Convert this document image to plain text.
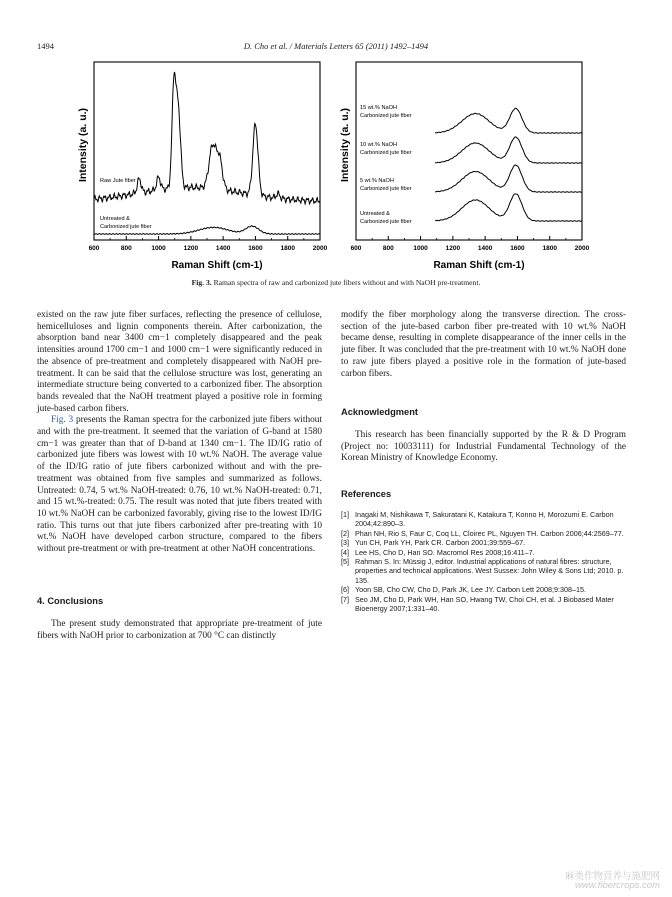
1494	D. Cho et al. / Materials Letters 65 (2011) 1492–1494
600	800	1000	1200	1400	1600	1800	2000
Raman Shift (cm-1)
Intensity (a. u.) Raw Jute fiber
Untreated &
Carbonized jute fiber
600	800	1000	1200	1400	1600	1800	2000
Raman Shift (cm-1)
Intensity (a. u.) 15 wt.% NaOH
Carbonized jute fiber
10 wt.% NaOH
Carbonized jute fiber
5 wt.% NaOH
Carbonized jute fiber
Untreated &
Carbonized jute fiber
Fig. 3. Raman spectra of raw and carbonized jute fibers without and with NaOH pre-treatment.

existed on the raw jute fiber surfaces, reflecting the presence of cellulose, hemicelluloses and lignin components therein. After carbonization, the absorption band near 3400 cm−1 completely disappeared and the peak intensities around 1700 cm−1 and 1000 cm−1 were significantly reduced in the absence of pre-treatment and completely disappeared with NaOH pre-treatment. It can be said that the cellulose structure was lost, generating an intermediate structure being converted to a carbonized fiber. The absorption bands revealed that the NaOH treatment played a positive role in forming jute-based carbon fibers.

Fig. 3 presents the Raman spectra for the carbonized jute fibers without and with the pre-treatment. It seemed that the variation of G-band at 1580 cm−1 was greater than that of D-band at 1340 cm−1. The ID/IG ratio of carbonized jute fibers was lowest with 10 wt.% NaOH. The average value of the ID/IG ratio of jute fibers carbonized without and with the pre-treatment was obtained from five samples and summarized as follows. Untreated: 0.74, 5 wt.% NaOH-treated: 0.76, 10 wt.% NaOH-treated: 0.71, and 15 wt.%-treated: 0.75. The result was noted that jute fibers treated with 10 wt.% NaOH can be carbonized favorably, giving rise to the lowest ID/IG ratio. This turns out that jute fibers carbonized after pre-treating with 10 wt.% NaOH have developed carbon structure, compared to the fibers without pre-treatment or with pre-treatment at other NaOH concentrations.

4. Conclusions

The present study demonstrated that appropriate pre-treatment of jute fibers with NaOH prior to carbonization at 700 °C can distinctly

modify the fiber morphology along the transverse direction. The cross-section of the jute-based carbon fiber pre-treated with 10 wt.% NaOH became dense, resulting in complete disappearance of the inner cells in the jute fiber. It was concluded that the pre-treatment with 10 wt.% NaOH done to raw jute fibers played a positive role in the formation of jute-based carbon fibers.

Acknowledgment

This research has been financially supported by the R & D Program (Project no: 10033111) for Industrial Fundamental Technology of the Korean Ministry of Knowledge Economy.

References
[1] Inagaki M, Nishikawa T, Sakuratani K, Katakura T, Konno H, Morozumi E. Carbon 2004;42:890–3.
[2] Phan NH, Rio S, Faur C, Coq LL, Cloirec PL, Nguyen TH. Carbon 2006;44:2569–77.
[3] Yun CH, Park YH, Park CR. Carbon 2001;39:559–67.
[4] Lee HS, Cho D, Han SO. Macromol Res 2008;16:411–7.
[5] Rahman S. In: Müssig J, editor. Industrial applications of natural fibres: structure, properties and technical applications. West Sussex: John Wiley & Sons Ltd; 2010. p. 135.
[6] Yoon SB, Cho CW, Cho D, Park JK, Lee JY. Carbon Lett 2008;9:308–15.
[7] Seo JM, Cho D, Park WH, Han SO, Hwang TW, Choi CH, et al. J Biobased Mater Bioenergy 2007;1:331–40.
麻类作物营养与施肥网
www.fibercrops.com
